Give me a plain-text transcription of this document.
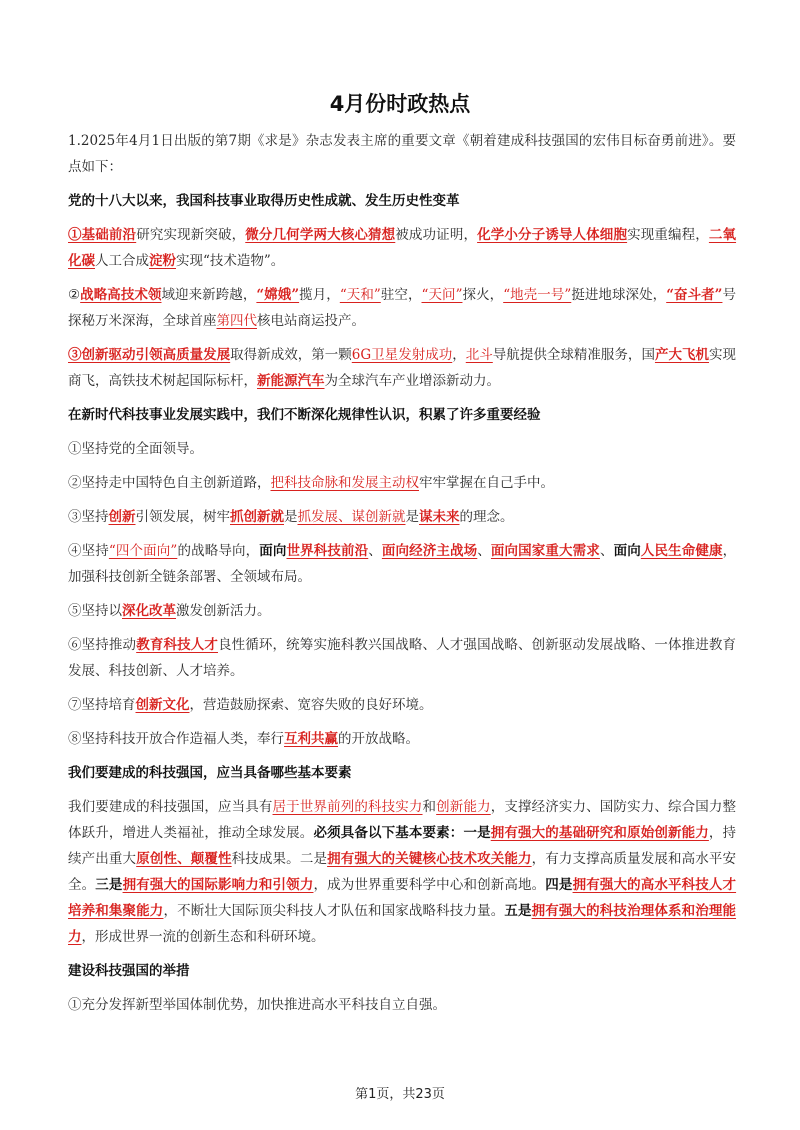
4月份时政热点

1.2025年4月1日出版的第7期《求是》杂志发表主席的重要文章《朝着建成科技强国的宏伟目标奋勇前进》。要点如下：

党的十八大以来，我国科技事业取得历史性成就、发生历史性变革

①基础前沿研究实现新突破，微分几何学两大核心猜想被成功证明，化学小分子诱导人体细胞实现重编程，二氧化碳人工合成淀粉实现“技术造物”。

②战略高技术领域迎来新跨越，“嫦娥”揽月，“天和”驻空，“天问”探火，“地壳一号”挺进地球深处，“奋斗者”号探秘万米深海，全球首座第四代核电站商运投产。

③创新驱动引领高质量发展取得新成效，第一颗6G卫星发射成功，北斗导航提供全球精准服务，国产大飞机实现商飞，高铁技术树起国际标杆，新能源汽车为全球汽车产业增添新动力。

在新时代科技事业发展实践中，我们不断深化规律性认识，积累了许多重要经验

①坚持党的全面领导。

②坚持走中国特色自主创新道路，把科技命脉和发展主动权牢牢掌握在自己手中。

③坚持创新引领发展，树牢抓创新就是抓发展、谋创新就是谋未来的理念。

④坚持“四个面向”的战略导向，面向世界科技前沿、面向经济主战场、面向国家重大需求、面向人民生命健康，加强科技创新全链条部署、全领域布局。

⑤坚持以深化改革激发创新活力。

⑥坚持推动教育科技人才良性循环，统筹实施科教兴国战略、人才强国战略、创新驱动发展战略、一体推进教育发展、科技创新、人才培养。

⑦坚持培育创新文化，营造鼓励探索、宽容失败的良好环境。

⑧坚持科技开放合作造福人类，奉行互利共赢的开放战略。

我们要建成的科技强国，应当具备哪些基本要素

我们要建成的科技强国，应当具有居于世界前列的科技实力和创新能力，支撑经济实力、国防实力、综合国力整体跃升，增进人类福祉，推动全球发展。必须具备以下基本要素：一是拥有强大的基础研究和原始创新能力，持续产出重大原创性、颠覆性科技成果。二是拥有强大的关键核心技术攻关能力，有力支撑高质量发展和高水平安全。三是拥有强大的国际影响力和引领力，成为世界重要科学中心和创新高地。四是拥有强大的高水平科技人才培养和集聚能力，不断壮大国际顶尖科技人才队伍和国家战略科技力量。五是拥有强大的科技治理体系和治理能力，形成世界一流的创新生态和科研环境。

建设科技强国的举措

①充分发挥新型举国体制优势，加快推进高水平科技自立自强。

第1页，共23页
